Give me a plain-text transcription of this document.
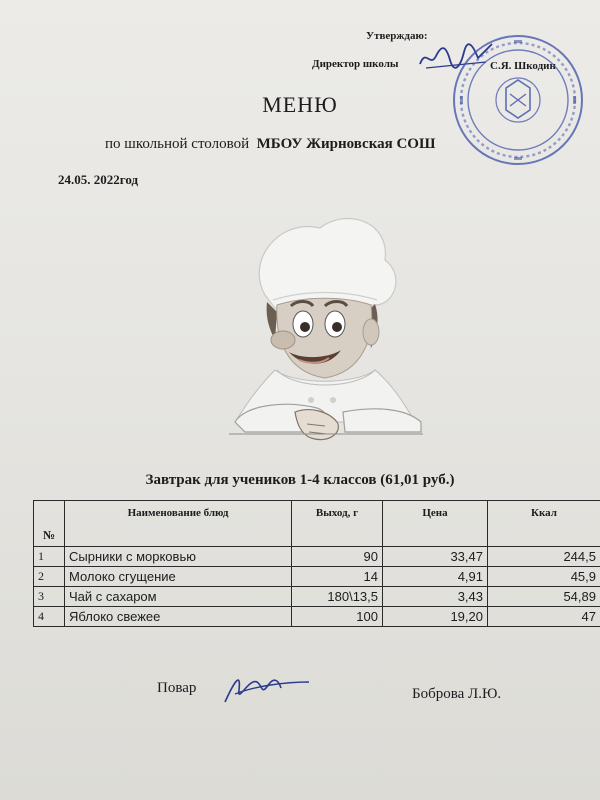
Утверждаю:
Директор школы	С.Я. Шкодин
МЕНЮ
по школьной столовой МБОУ Жирновская СОШ
24.05. 2022год
Завтрак для учеников 1-4 классов (61,01 руб.)
№	Наименование блюд	Выход, г	Цена	Ккал
1	Сырники с морковью	90	33,47	244,5
2	Молоко сгущение	14	4,91	45,9
3	Чай с сахаром	180\13,5	3,43	54,89
4	Яблоко свежее	100	19,20	47
Повар	Боброва Л.Ю.
